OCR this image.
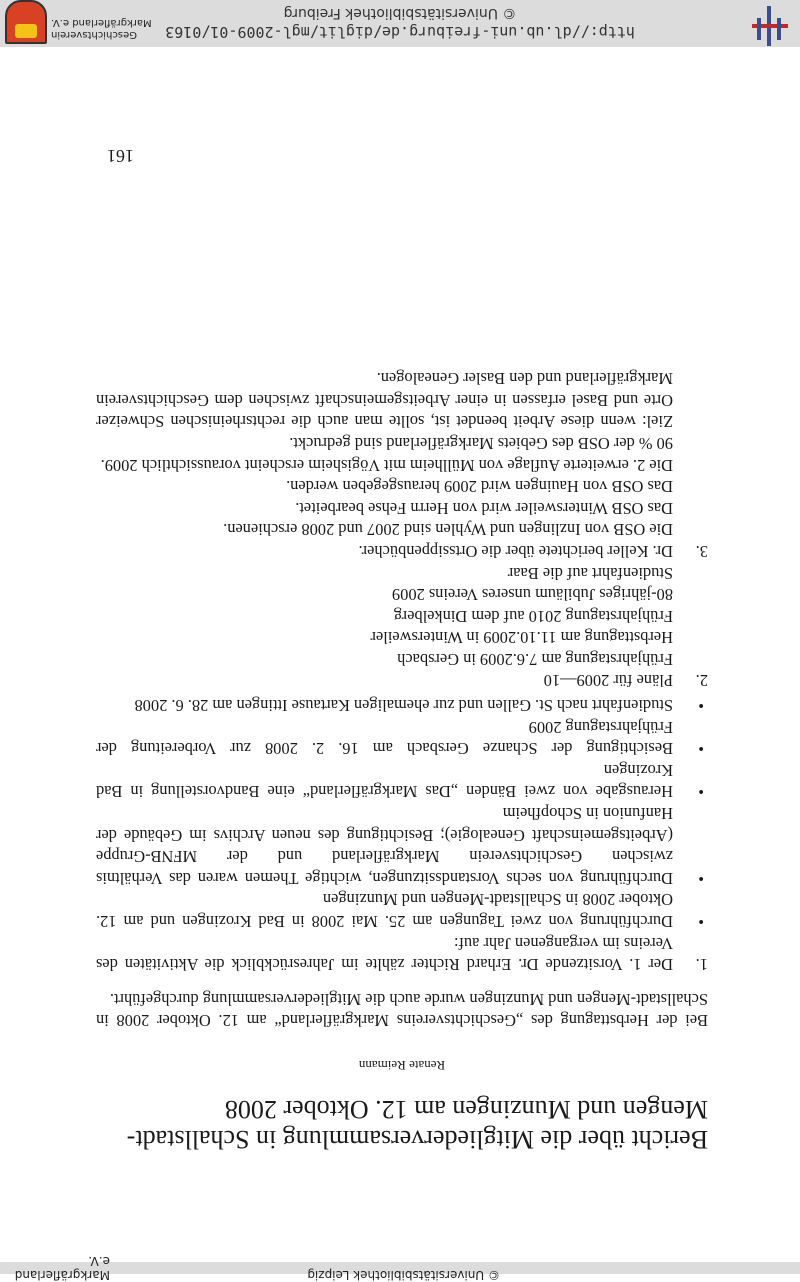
© Universitätsbibliothek Leipzig
Markgräflerland e.V.
Bericht über die Mitgliederversammlung in Schallstadt-Mengen und Munzingen am 12. Oktober 2008
Renate Reimann

Bei der Herbsttagung des „Geschichtsvereins Markgräflerland“ am 12. Oktober 2008 in Schallstadt-Mengen und Munzingen wurde auch die Mitgliederversammlung durchgeführt.

1.
Der 1. Vorsitzende Dr. Erhard Richter zählte im Jahresrückblick die Aktivitäten des Vereins im vergangenen Jahr auf:
• Durchführung von zwei Tagungen am 25. Mai 2008 in Bad Krozingen und am 12. Oktober 2008 in Schallstadt-Mengen und Munzingen
• Durchführung von sechs Vorstandssitzungen, wichtige Themen waren das Verhältnis zwischen Geschichtsverein Markgräflerland und der MFNB-Gruppe (Arbeitsgemeinschaft Genealogie); Besichtigung des neuen Archivs im Gebäude der Hanfunion in Schopfheim
• Herausgabe von zwei Bänden „Das Markgräflerland“ eine Bandvorstellung in Bad Krozingen
• Besichtigung der Schanze Gersbach am 16. 2. 2008 zur Vorbereitung der Frühjahrstagung 2009
• Studienfahrt nach St. Gallen und zur ehemaligen Kartause Ittingen am 28. 6. 2008
2.
Pläne für 2009—10
Frühjahrstagung am 7.6.2009 in Gersbach
Herbsttagung am 11.10.2009 in Wintersweiler
Frühjahrstagung 2010 auf dem Dinkelberg
80-jähriges Jubiläum unseres Vereins 2009
Studienfahrt auf die Baar
3.
Dr. Keller berichtete über die Ortssippenbücher.
Die OSB von Inzlingen und Wyhlen sind 2007 und 2008 erschienen.
Das OSB Wintersweiler wird von Herrn Fehse bearbeitet.
Das OSB von Hauingen wird 2009 herausgegeben werden.
Die 2. erweiterte Auflage von Müllheim mit Vögisheim erscheint voraussichtlich 2009.
90 % der OSB des Gebiets Markgräflerland sind gedruckt.
Ziel: wenn diese Arbeit beendet ist, sollte man auch die rechtsrheinischen Schweizer Orte und Basel erfassen in einer Arbeitsgemeinschaft zwischen dem Geschichtsverein Markgräflerland und den Basler Genealogen.
161
http://dl.ub.uni-freiburg.de/diglit/mgl-2009-01/0163
© Universitätsbibliothek Freiburg
Geschichtsverein
Markgräflerland e.V.
